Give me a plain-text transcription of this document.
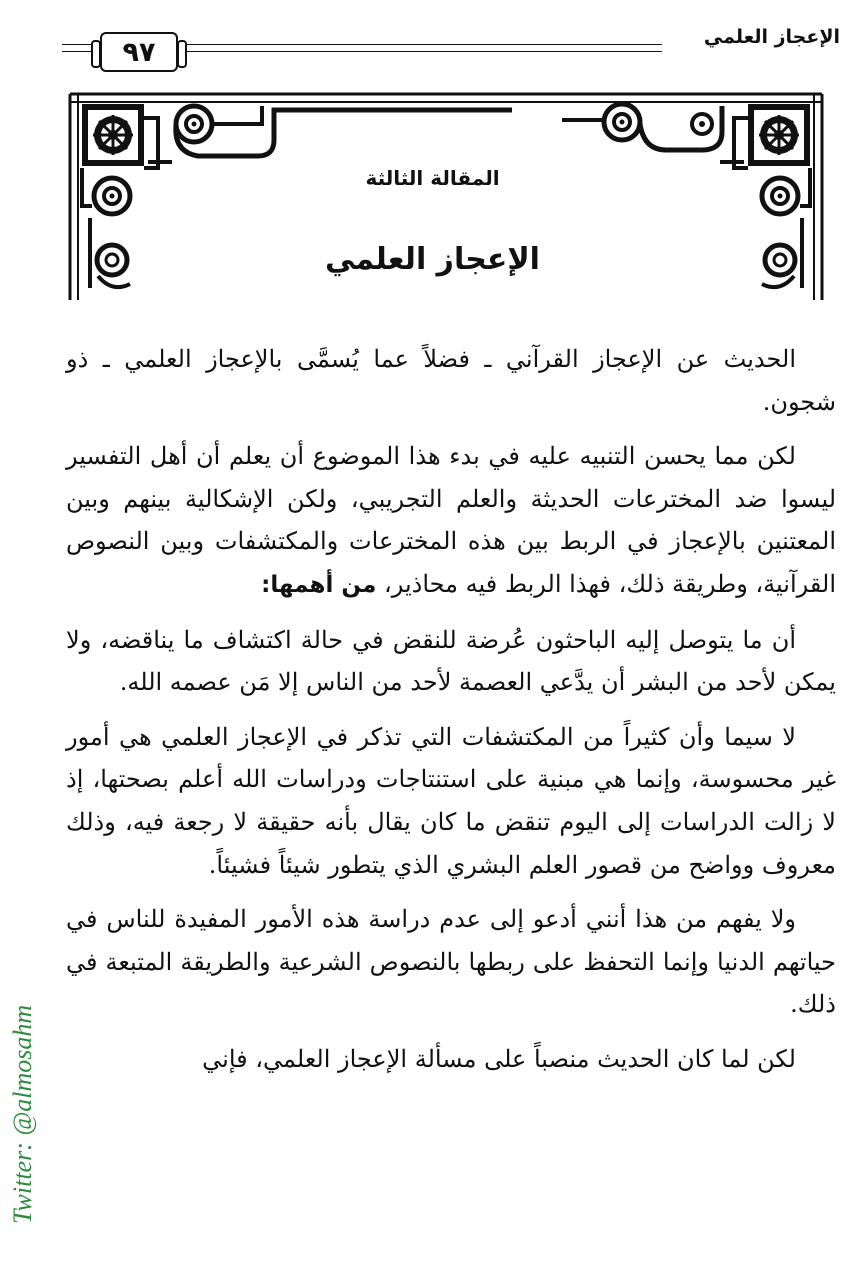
٩٧	الإعجاز العلمي
المقالة الثالثة
الإعجاز العلمي

الحديث عن الإعجاز القرآني ـ فضلاً عما يُسمَّى بالإعجاز العلمي ـ ذو شجون.

لكن مما يحسن التنبيه عليه في بدء هذا الموضوع أن يعلم أن أهل التفسير ليسوا ضد المخترعات الحديثة والعلم التجريبي، ولكن الإشكالية بينهم وبين المعتنين بالإعجاز في الربط بين هذه المخترعات والمكتشفات وبين النصوص القرآنية، وطريقة ذلك، فهذا الربط فيه محاذير، من أهمها:

أن ما يتوصل إليه الباحثون عُرضة للنقض في حالة اكتشاف ما يناقضه، ولا يمكن لأحد من البشر أن يدَّعي العصمة لأحد من الناس إلا مَن عصمه الله.

لا سيما وأن كثيراً من المكتشفات التي تذكر في الإعجاز العلمي هي أمور غير محسوسة، وإنما هي مبنية على استنتاجات ودراسات الله أعلم بصحتها، إذ لا زالت الدراسات إلى اليوم تنقض ما كان يقال بأنه حقيقة لا رجعة فيه، وذلك معروف وواضح من قصور العلم البشري الذي يتطور شيئاً فشيئاً.

ولا يفهم من هذا أنني أدعو إلى عدم دراسة هذه الأمور المفيدة للناس في حياتهم الدنيا وإنما التحفظ على ربطها بالنصوص الشرعية والطريقة المتبعة في ذلك.

لكن لما كان الحديث منصباً على مسألة الإعجاز العلمي، فإني

Twitter: @almosahm
